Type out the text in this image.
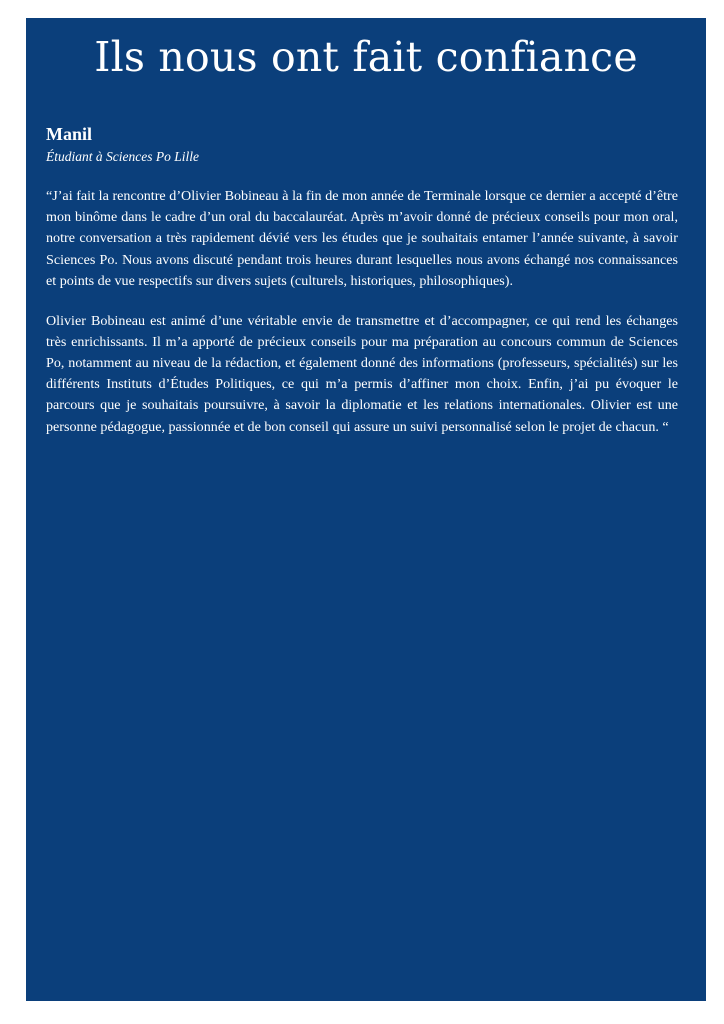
Ils nous ont fait confiance
Manil
Étudiant à Sciences Po Lille

“J’ai fait la rencontre d’Olivier Bobineau à la fin de mon année de Terminale lorsque ce dernier a accepté d’être mon binôme dans le cadre d’un oral du baccalauréat. Après m’avoir donné de précieux conseils pour mon oral, notre conversation a très rapidement dévié vers les études que je souhaitais entamer l’année suivante, à savoir Sciences Po. Nous avons discuté pendant trois heures durant lesquelles nous avons échangé nos connaissances et points de vue respectifs sur divers sujets (culturels, historiques, philosophiques).

Olivier Bobineau est animé d’une véritable envie de transmettre et d’accompagner, ce qui rend les échanges très enrichissants. Il m’a apporté de précieux conseils pour ma préparation au concours commun de Sciences Po, notamment au niveau de la rédaction, et également donné des informations (professeurs, spécialités) sur les différents Instituts d’Études Politiques, ce qui m’a permis d’affiner mon choix. Enfin, j’ai pu évoquer le parcours que je souhaitais poursuivre, à savoir la diplomatie et les relations internationales. Olivier est une personne pédagogue, passionnée et de bon conseil qui assure un suivi personnalisé selon le projet de chacun. “
